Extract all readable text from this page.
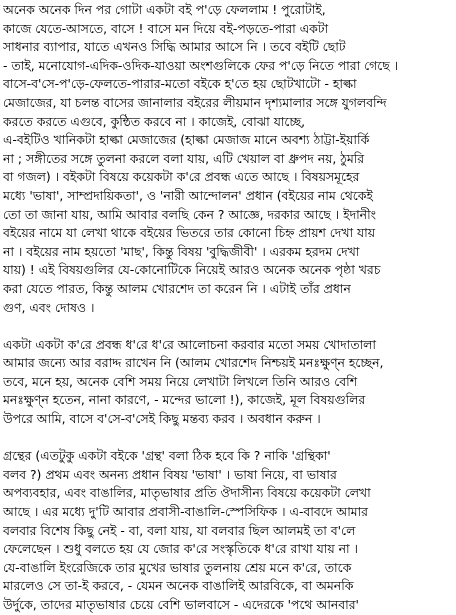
অনেক অনেক দিন পর গোটা একটা বই প'ড়ে ফেললাম ! পুরোটাই,
কাজে যেতে-আসতে, বাসে ! বাসে মন দিয়ে বই-পড়তে-পারা একটা
সাধনার ব্যাপার, যাতে এখনও সিদ্ধি আমার আসে নি । তবে বইটি ছোট
- তাই, মনোযোগ-এদিক-ওদিক-যাওয়া অংশগুলিকে ফের প'ড়ে নিতে পারা গেছে ।
বাসে-ব'সে-প'ড়ে-ফেলতে-পারার-মতো বইকে হ'তে হয় ছোটখাটো - হাল্কা
মেজাজের, যা চলন্ত বাসের জানালার বইরের লীয়মান দৃশ্যমালার সঙ্গে যুগলবন্দি
করতে করতে এগুবে, কুন্ঠিত করবে না । কাজেই, বোঝা যাচ্ছে,
এ-বইটিও খানিকটা হাল্কা মেজাজের (হাল্কা মেজাজ মানে অবশ্য ঠাট্টা-ইয়ার্কি
না ; সঙ্গীতের সঙ্গে তুলনা করলে বলা যায়, এটি খেয়াল বা ধ্রুপদ নয়, ঠুমরি
বা গজল) । বইকটা বিষয়ে কয়েকটা ক'রে প্রবন্ধ এতে আছে । বিষয়সমূহের
মধ্যে 'ভাষা', সাম্প্রদায়িকতা', ও 'নারী আন্দোলন' প্রধান (বইয়ের নাম থেকেই
তো তা জানা যায়, আমি আবার বলছি কেন ? আজ্ঞে, দরকার আছে । ইদানীং
বইয়ের নামে যা লেখা থাকে বইয়ের ভিতরে তার কোনো চিহ্ন প্রায়শ দেখা যায়
না । বইয়ের নাম হয়তো 'মাছ', কিন্তু বিষয় 'বুদ্ধিজীবী' । এরকম হরদম দেখা
যায়) ! এই বিষয়গুলির যে-কোনোটিকে নিয়েই আরও অনেক অনেক পৃষ্ঠা খরচ
করা যেতে পারত, কিন্তু আলম খোরশেদ তা করেন নি । এটাই তাঁর প্রধান
গুণ, এবং দোষও ।
একটা একটা ক'রে প্রবন্ধ ধ'রে ধ'রে আলোচনা করবার মতো সময় খোদাতালা
আমার জন্যে আর বরাদ্দ রাখেন নি (আলম খোরশেদ নিশ্চয়ই মনঃক্ষুণ্ন হচ্ছেন,
তবে, মনে হয়, অনেক বেশি সময় নিয়ে লেখাটা লিখলে তিনি আরও বেশি
মনঃক্ষুণ্ন হতেন, নানা কারণে, - মন্দের ভালো !), কাজেই, মূল বিষয়গুলির
উপরে আমি, বাসে ব'সে-ব'সেই কিছু মন্তব্য করব । অবধান করুন ।
গ্রন্থের (এতটুকু একটা বইকে 'গ্রন্থ' বলা ঠিক হবে কি ? নাকি 'গ্রন্থিকা'
বলব ?) প্রথম এবং অনন্য প্রধান বিষয় 'ভাষা' । ভাষা নিয়ে, বা ভাষার
অপব্যবহার, এবং বাঙালির, মাতৃভাষার প্রতি ঔদাসীন্য বিষয়ে কয়েকটা লেখা
আছে । এর মধ্যে দু'টি আবার প্রবাসী-বাঙালি-স্পেসিফিক । এ-বাবদে আমার
বলবার বিশেষ কিছু নেই - বা, বলা যায়, যা বলবার ছিল আলমই তা ব'লে
ফেলেছেন । শুধু বলতে হয় যে জোর ক'রে সংস্কৃতিকে ধ'রে রাখা যায় না ।
যে-বাঙালি ইংরেজিকে তার মুখের ভাষার তুলনায় শ্রেয় মনে ক'রে, তাকে
মারলেও সে তা-ই করবে, - যেমন অনেক বাঙালিই আরবিকে, বা অমনকি
উর্দুকে, তাদের মাতৃভাষার চেয়ে বেশি ভালবাসে - এদেরকে 'পথে আনবার'
